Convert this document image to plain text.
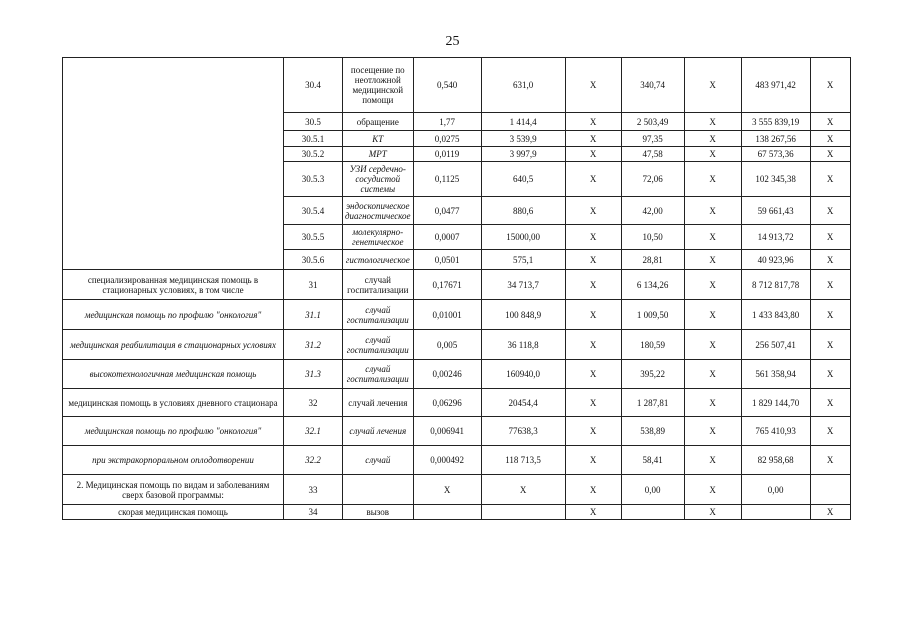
25
	30.4	посещение по неотложной медицинской помощи	0,540	631,0	X	340,74	X	483 971,42	X
	30.5	обращение	1,77	1 414,4	X	2 503,49	X	3 555 839,19	X
	30.5.1	КТ	0,0275	3 539,9	X	97,35	X	138 267,56	X
	30.5.2	МРТ	0,0119	3 997,9	X	47,58	X	67 573,36	X
	30.5.3	УЗИ сердечно-сосудистой системы	0,1125	640,5	X	72,06	X	102 345,38	X
	30.5.4	эндоскопическое диагностическое	0,0477	880,6	X	42,00	X	59 661,43	X
	30.5.5	молекулярно-генетическое	0,0007	15000,00	X	10,50	X	14 913,72	X
	30.5.6	гистологическое	0,0501	575,1	X	28,81	X	40 923,96	X
специализированная медицинская помощь в стационарных условиях, в том числе	31	случай госпитализации	0,17671	34 713,7	X	6 134,26	X	8 712 817,78	X
медицинская помощь по профилю "онкология"	31.1	случай госпитализации	0,01001	100 848,9	X	1 009,50	X	1 433 843,80	X
медицинская реабилитация в стационарных условиях	31.2	случай госпитализации	0,005	36 118,8	X	180,59	X	256 507,41	X
высокотехнологичная медицинская помощь	31.3	случай госпитализации	0,00246	160940,0	X	395,22	X	561 358,94	X
медицинская помощь в условиях дневного стационара	32	случай лечения	0,06296	20454,4	X	1 287,81	X	1 829 144,70	X
медицинская помощь по профилю "онкология"	32.1	случай лечения	0,006941	77638,3	X	538,89	X	765 410,93	X
при экстракорпоральном оплодотворении	32.2	случай	0,000492	118 713,5	X	58,41	X	82 958,68	X
2. Медицинская помощь по видам и заболеваниям сверх базовой программы:	33		X	X	X	0,00	X	0,00	
скорая медицинская помощь	34	вызов			X		X		X
